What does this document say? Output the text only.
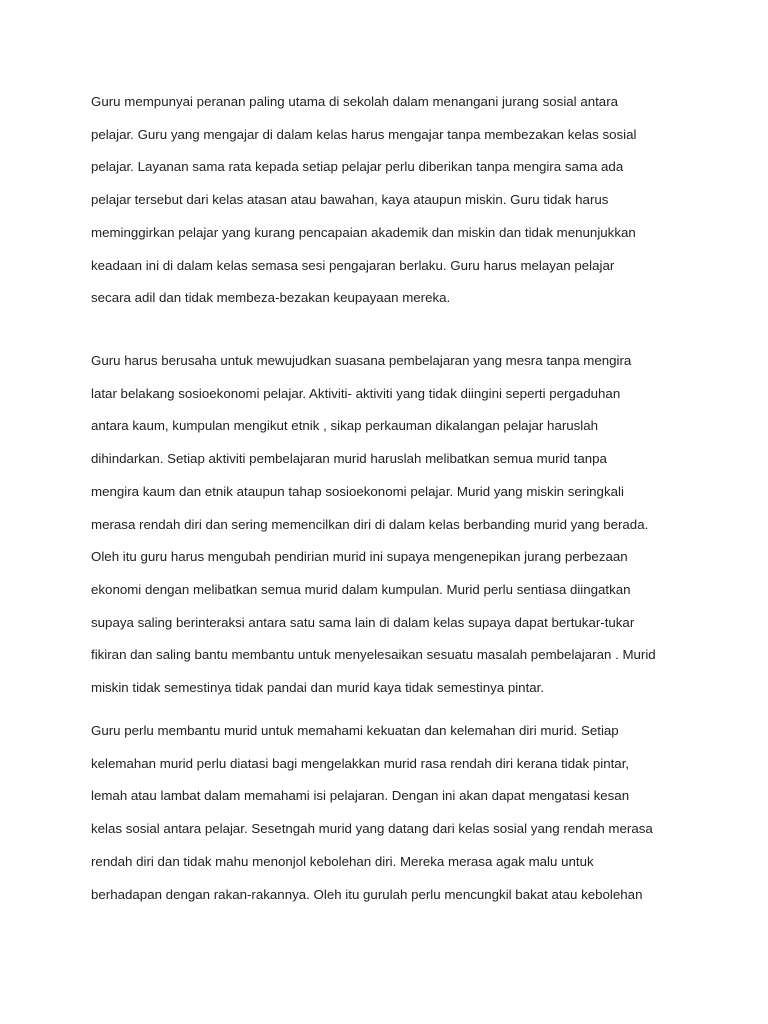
Guru mempunyai peranan paling utama di sekolah dalam menangani jurang sosial antara
pelajar. Guru yang mengajar di dalam kelas harus mengajar tanpa membezakan kelas sosial
pelajar. Layanan sama rata kepada setiap pelajar perlu diberikan tanpa mengira sama ada
pelajar tersebut dari kelas atasan atau bawahan, kaya ataupun miskin. Guru tidak harus
meminggirkan pelajar yang kurang pencapaian akademik dan miskin dan tidak menunjukkan
keadaan ini di dalam kelas semasa sesi pengajaran berlaku. Guru harus melayan pelajar
secara adil dan tidak membeza-bezakan keupayaan mereka.
Guru harus berusaha untuk mewujudkan suasana pembelajaran yang mesra tanpa mengira
latar belakang sosioekonomi pelajar. Aktiviti- aktiviti yang tidak diingini seperti pergaduhan
antara kaum, kumpulan mengikut etnik , sikap perkauman dikalangan pelajar haruslah
dihindarkan. Setiap aktiviti pembelajaran murid haruslah melibatkan semua murid tanpa
mengira kaum dan etnik ataupun tahap sosioekonomi pelajar. Murid yang miskin seringkali
merasa rendah diri dan sering memencilkan diri di dalam kelas berbanding murid yang berada.
Oleh itu guru harus mengubah pendirian murid ini supaya mengenepikan jurang perbezaan
ekonomi dengan melibatkan semua murid dalam kumpulan. Murid perlu sentiasa diingatkan
supaya saling berinteraksi antara satu sama lain di dalam kelas supaya dapat bertukar-tukar
fikiran dan saling bantu membantu untuk menyelesaikan sesuatu masalah pembelajaran . Murid
miskin tidak semestinya tidak pandai dan murid kaya tidak semestinya pintar.
Guru perlu membantu murid untuk memahami kekuatan dan kelemahan diri murid. Setiap
kelemahan murid perlu diatasi bagi mengelakkan murid rasa rendah diri kerana tidak pintar,
lemah atau lambat dalam memahami isi pelajaran. Dengan ini akan dapat mengatasi kesan
kelas sosial antara pelajar. Sesetngah murid yang datang dari kelas sosial yang rendah merasa
rendah diri dan tidak mahu menonjol kebolehan diri. Mereka merasa agak malu untuk
berhadapan dengan rakan-rakannya. Oleh itu gurulah perlu mencungkil bakat atau kebolehan
